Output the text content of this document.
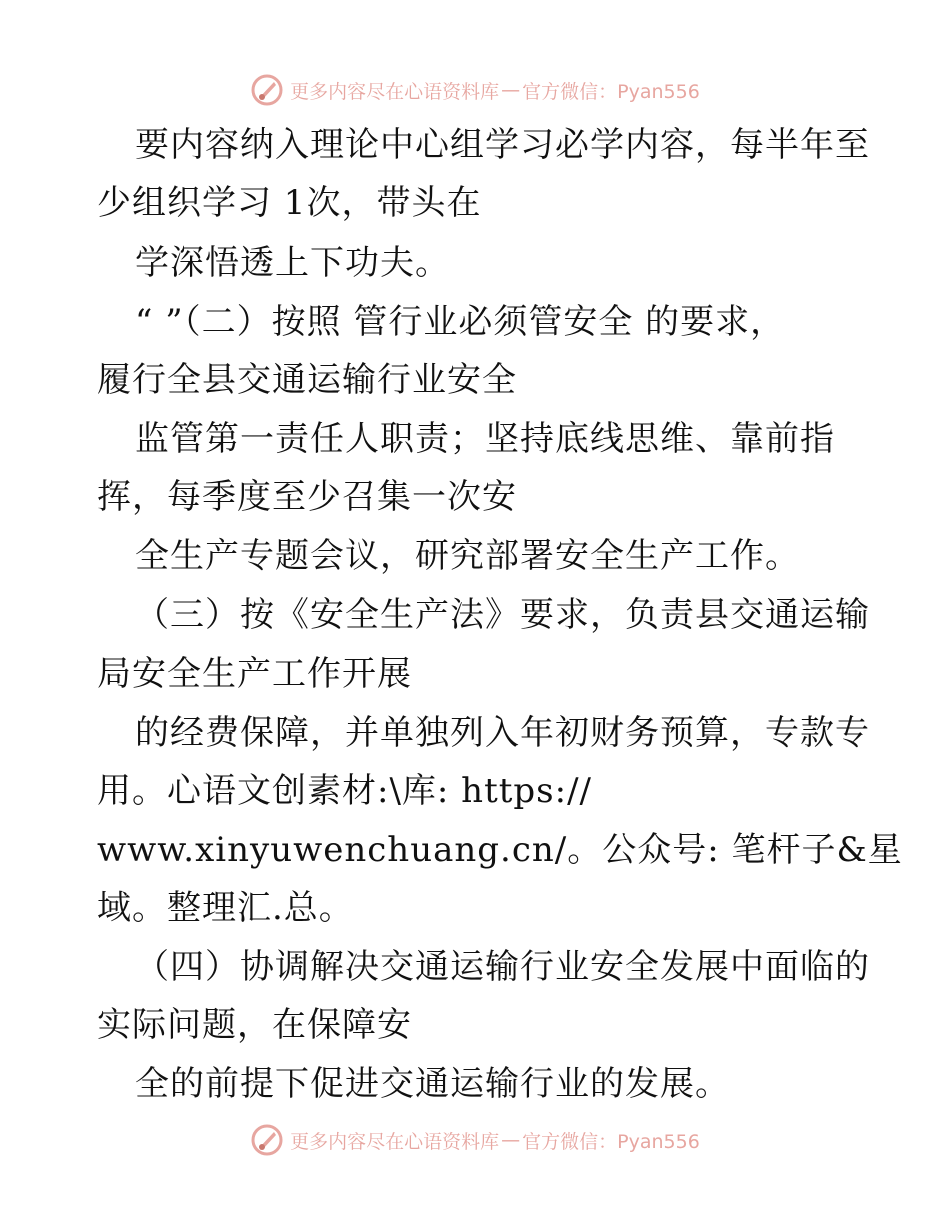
更多内容尽在心语资料库 — 官方微信：Pyan556
要内容纳入理论中心组学习必学内容，每半年至
少组织学习 1次，带头在
学深悟透上下功夫。
“ ”（二）按照 管行业必须管安全 的要求，
履行全县交通运输行业安全
监管第一责任人职责；坚持底线思维、靠前指
挥，每季度至少召集一次安
全生产专题会议，研究部署安全生产工作。
（三）按《安全生产法》要求，负责县交通运输
局安全生产工作开展
的经费保障，并单独列入年初财务预算，专款专
用。心语文创素材:\库: https://
www.xinyuwenchuang.cn/。公众号: 笔杆子&星
域。整理汇.总。
（四）协调解决交通运输行业安全发展中面临的
实际问题，在保障安
全的前提下促进交通运输行业的发展。
更多内容尽在心语资料库 — 官方微信：Pyan556
